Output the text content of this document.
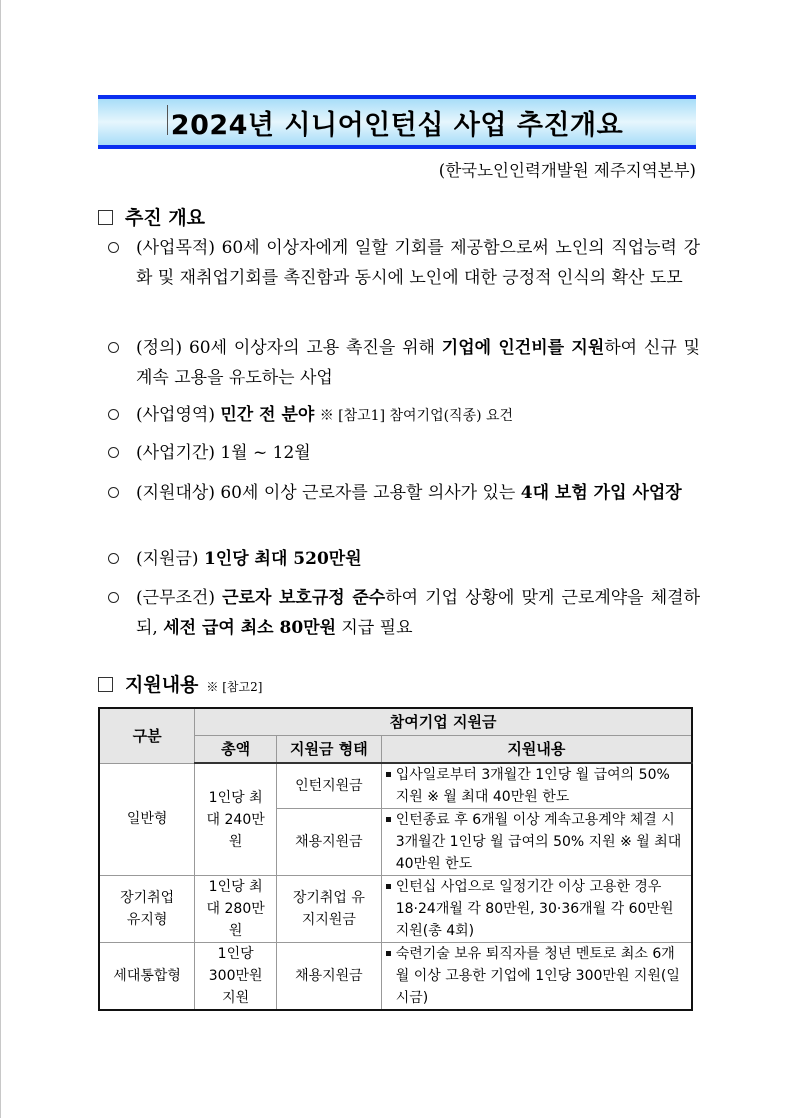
2024년 시니어인턴십 사업 추진개요
(한국노인인력개발원 제주지역본부)
추진 개요
(사업목적) 60세 이상자에게 일할 기회를 제공함으로써 노인의 직업능력 강화 및 재취업기회를 촉진함과 동시에 노인에 대한 긍정적 인식의 확산 도모
(정의) 60세 이상자의 고용 촉진을 위해 기업에 인건비를 지원하여 신규 및 계속 고용을 유도하는 사업
(사업영역) 민간 전 분야 ※ [참고1] 참여기업(직종) 요건
(사업기간) 1월 ~ 12월
(지원대상) 60세 이상 근로자를 고용할 의사가 있는 4대 보험 가입 사업장
(지원금) 1인당 최대 520만원
(근무조건) 근로자 보호규정 준수하여 기업 상황에 맞게 근로계약을 체결하되, 세전 급여 최소 80만원 지급 필요
지원내용 ※ [참고2]
구분	참여기업 지원금		
	총액	지원금 형태	지원내용
일반형	1인당 최대 240만원	인턴지원금	입사일로부터 3개월간 1인당 월 급여의 50% 지원 ※ 월 최대 40만원 한도
		채용지원금	인턴종료 후 6개월 이상 계속고용계약 체결 시 3개월간 1인당 월 급여의 50% 지원 ※ 월 최대 40만원 한도
장기취업 유지형	1인당 최대 280만원	장기취업 유지지원금	인턴십 사업으로 일정기간 이상 고용한 경우 18·24개월 각 80만원, 30·36개월 각 60만원 지원(총 4회)
세대통합형	1인당 300만원 지원	채용지원금	숙련기술 보유 퇴직자를 청년 멘토로 최소 6개월 이상 고용한 기업에 1인당 300만원 지원(일시금)
